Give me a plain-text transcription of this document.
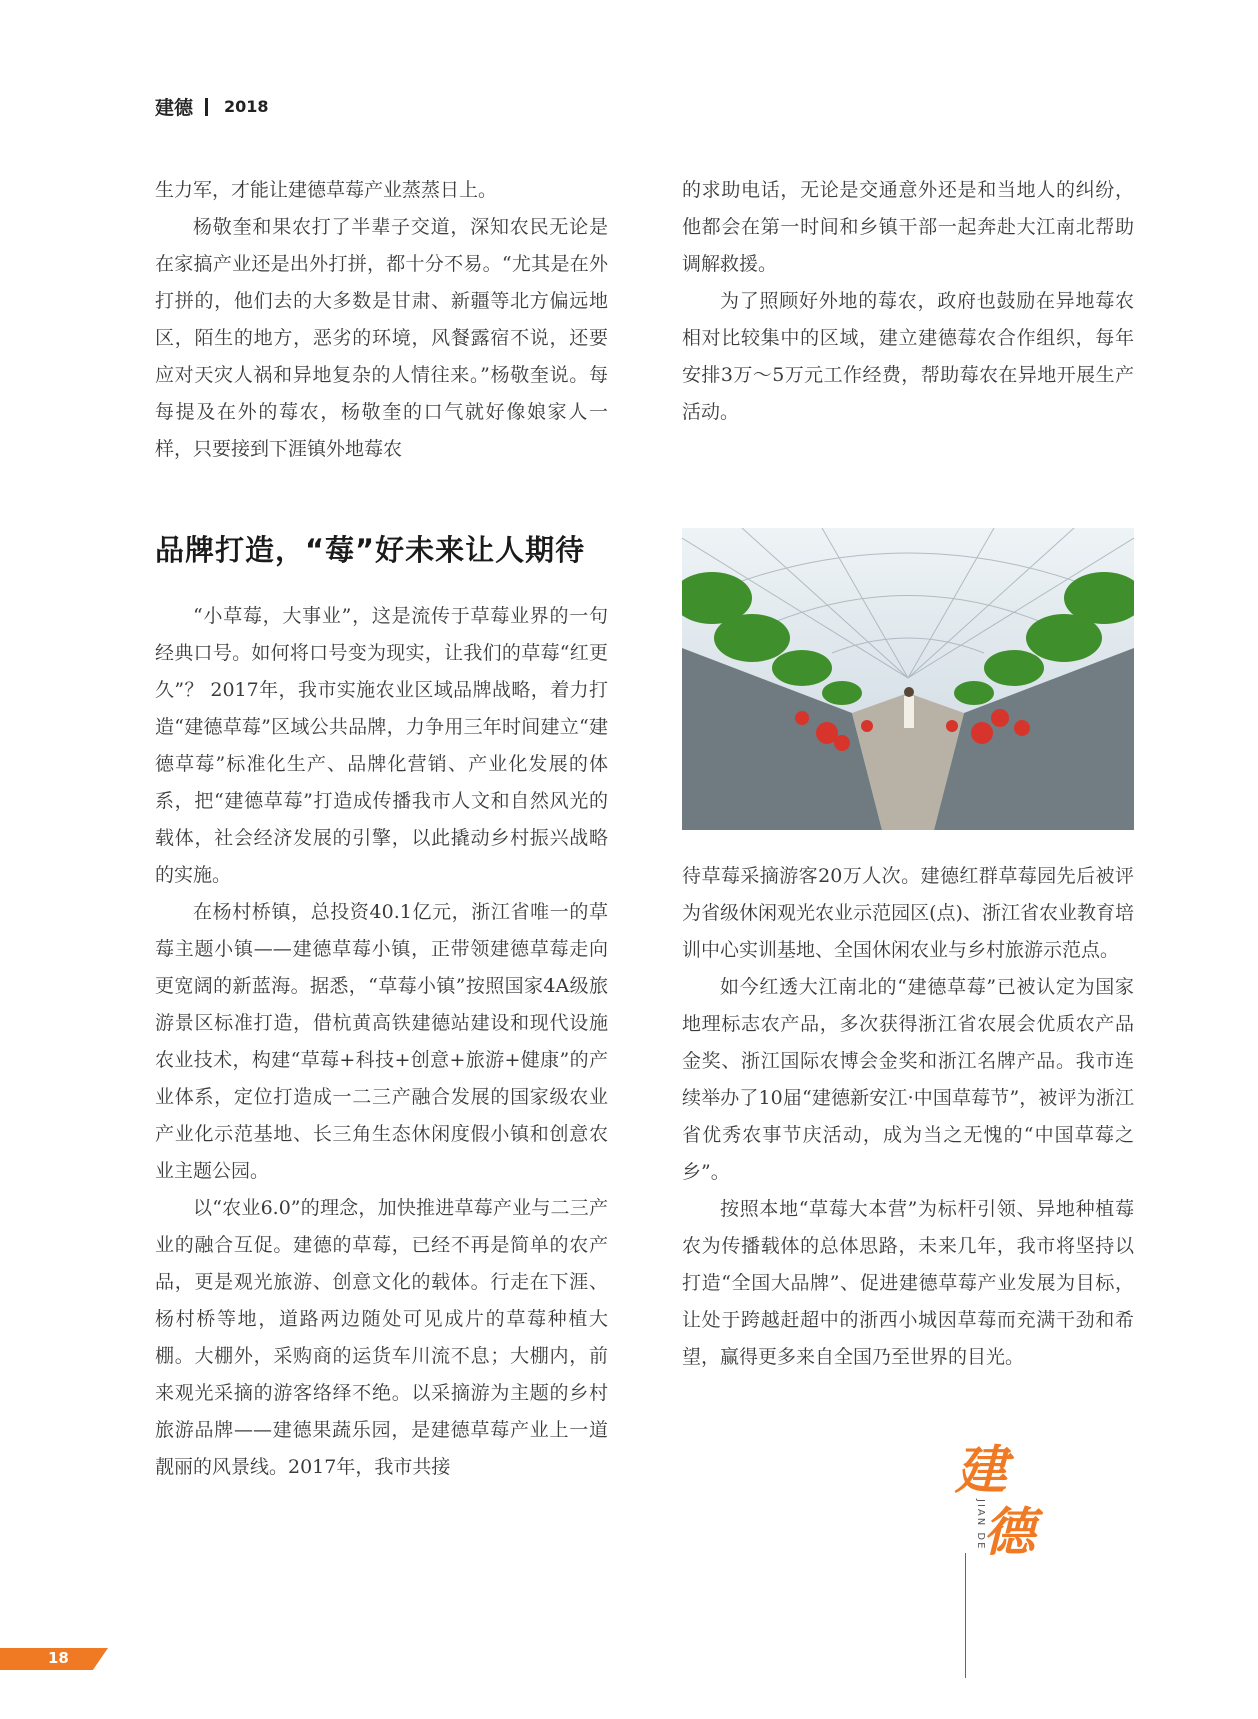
建德 2018

生力军，才能让建德草莓产业蒸蒸日上。

杨敬奎和果农打了半辈子交道，深知农民无论是在家搞产业还是出外打拼，都十分不易。“尤其是在外打拼的，他们去的大多数是甘肃、新疆等北方偏远地区，陌生的地方，恶劣的环境，风餐露宿不说，还要应对天灾人祸和异地复杂的人情往来。”杨敬奎说。每每提及在外的莓农，杨敬奎的口气就好像娘家人一样，只要接到下涯镇外地莓农

的求助电话，无论是交通意外还是和当地人的纠纷，他都会在第一时间和乡镇干部一起奔赴大江南北帮助调解救援。

为了照顾好外地的莓农，政府也鼓励在异地莓农相对比较集中的区域，建立建德莓农合作组织，每年安排3万～5万元工作经费，帮助莓农在异地开展生产活动。

品牌打造，“莓”好未来让人期待

“小草莓，大事业”，这是流传于草莓业界的一句经典口号。如何将口号变为现实，让我们的草莓“红更久”？ 2017年，我市实施农业区域品牌战略，着力打造“建德草莓”区域公共品牌，力争用三年时间建立“建德草莓”标准化生产、品牌化营销、产业化发展的体系，把“建德草莓”打造成传播我市人文和自然风光的载体，社会经济发展的引擎，以此撬动乡村振兴战略的实施。

在杨村桥镇，总投资40.1亿元，浙江省唯一的草莓主题小镇——建德草莓小镇，正带领建德草莓走向更宽阔的新蓝海。据悉，“草莓小镇”按照国家4A级旅游景区标准打造，借杭黄高铁建德站建设和现代设施农业技术，构建“草莓+科技+创意+旅游+健康”的产业体系，定位打造成一二三产融合发展的国家级农业产业化示范基地、长三角生态休闲度假小镇和创意农业主题公园。

以“农业6.0”的理念，加快推进草莓产业与二三产业的融合互促。建德的草莓，已经不再是简单的农产品，更是观光旅游、创意文化的载体。行走在下涯、杨村桥等地，道路两边随处可见成片的草莓种植大棚。大棚外，采购商的运货车川流不息；大棚内，前来观光采摘的游客络绎不绝。以采摘游为主题的乡村旅游品牌——建德果蔬乐园，是建德草莓产业上一道靓丽的风景线。2017年，我市共接

待草莓采摘游客20万人次。建德红群草莓园先后被评为省级休闲观光农业示范园区(点)、浙江省农业教育培训中心实训基地、全国休闲农业与乡村旅游示范点。

如今红透大江南北的“建德草莓”已被认定为国家地理标志农产品，多次获得浙江省农展会优质农产品金奖、浙江国际农博会金奖和浙江名牌产品。我市连续举办了10届“建德新安江·中国草莓节”，被评为浙江省优秀农事节庆活动，成为当之无愧的“中国草莓之乡”。

按照本地“草莓大本营”为标杆引领、异地种植莓农为传播载体的总体思路，未来几年，我市将坚持以打造“全国大品牌”、促进建德草莓产业发展为目标，让处于跨越赶超中的浙西小城因草莓而充满干劲和希望，赢得更多来自全国乃至世界的目光。

建
JIAN DE
德
18
